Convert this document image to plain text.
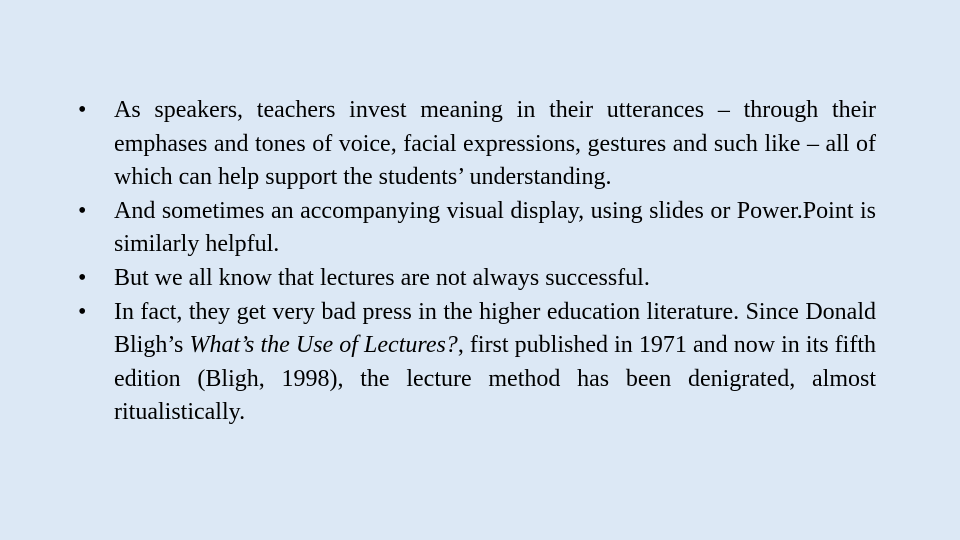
•	As speakers, teachers invest meaning in their utterances – through their emphases and tones of voice, facial expressions, gestures and such like – all of which can help support the students’ understanding.
•	And sometimes an accompanying visual display, using slides or Power.Point is similarly helpful.
•	But we all know that lectures are not always successful.
•	In fact, they get very bad press in the higher education literature. Since Donald Bligh’s What’s the Use of Lectures?, first published in 1971 and now in its fifth edition (Bligh, 1998), the lecture method has been denigrated, almost ritualistically.
